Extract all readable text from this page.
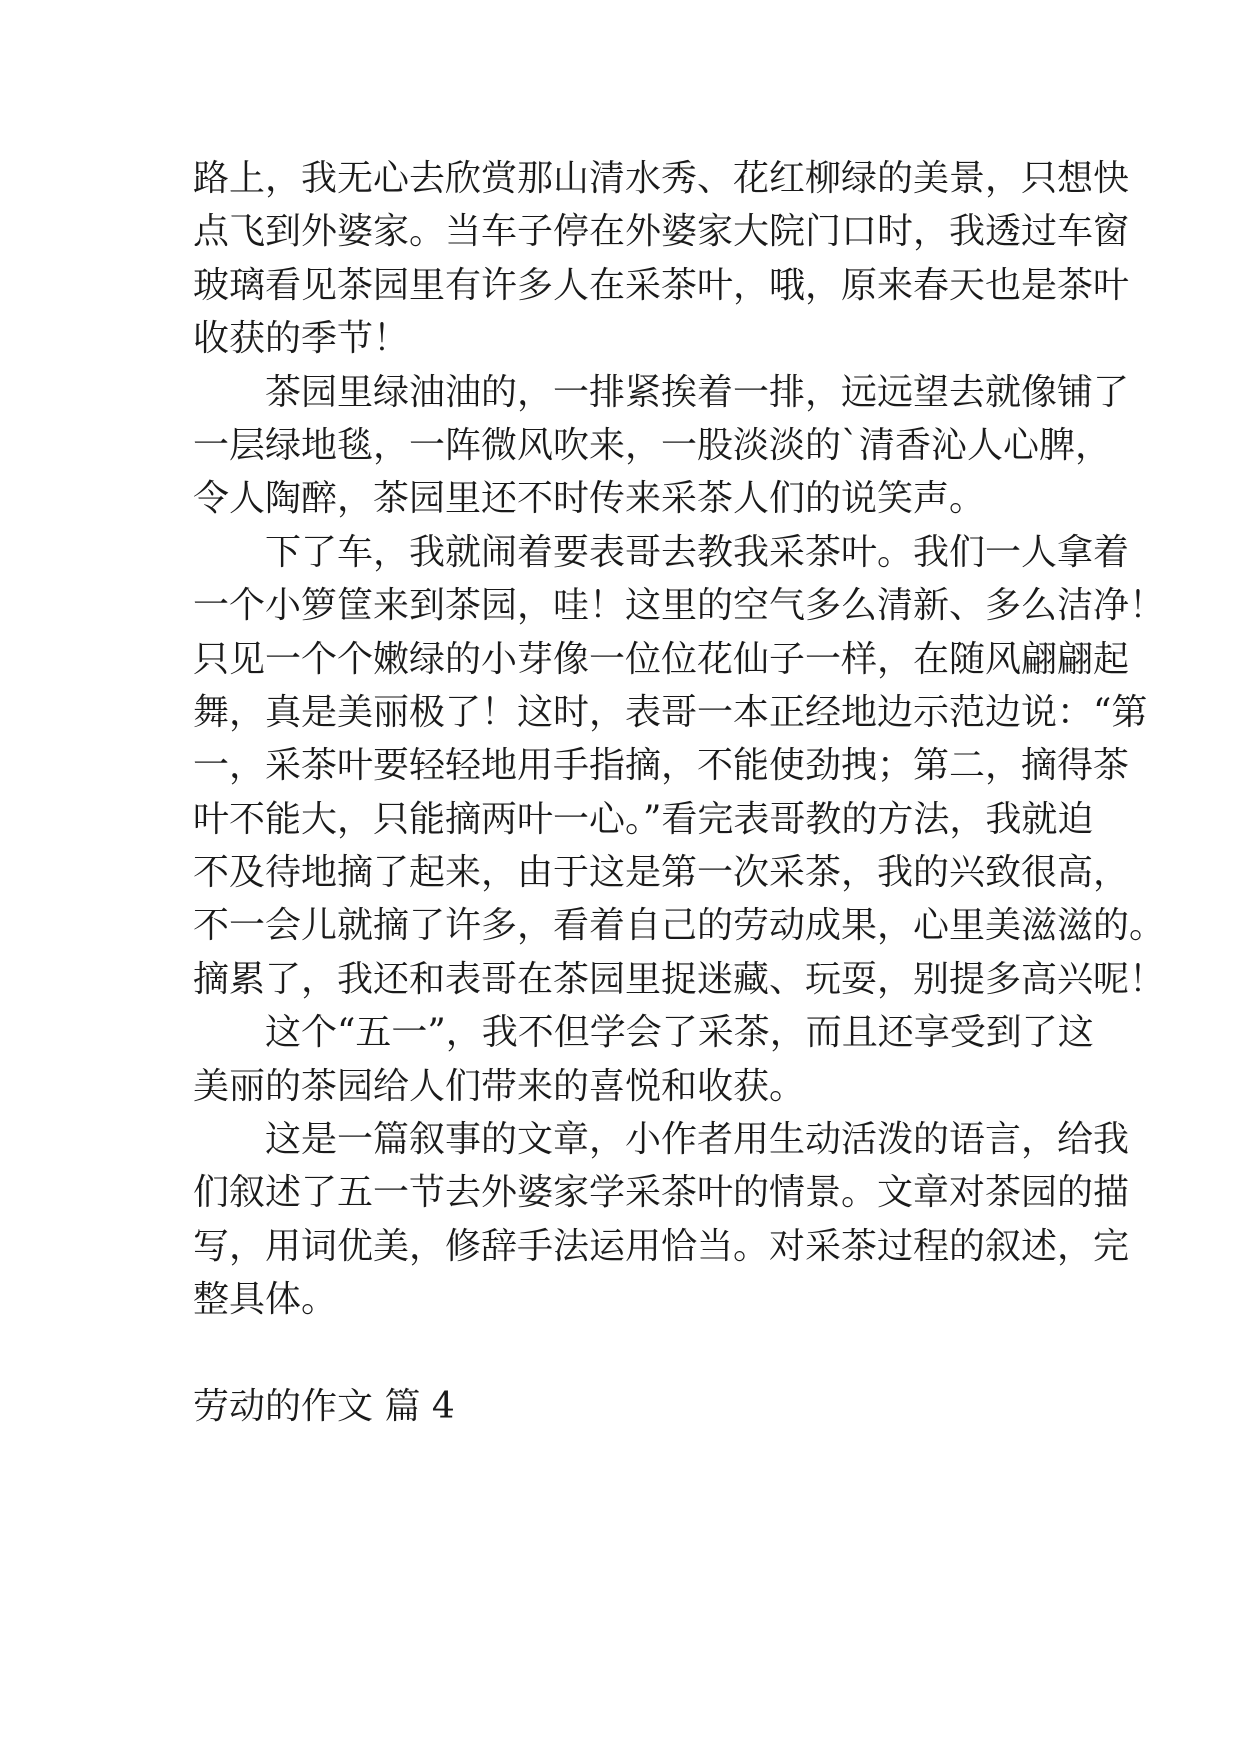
路上，我无心去欣赏那山清水秀、花红柳绿的美景，只想快
点飞到外婆家。当车子停在外婆家大院门口时，我透过车窗
玻璃看见茶园里有许多人在采茶叶，哦，原来春天也是茶叶
收获的季节！
茶园里绿油油的，一排紧挨着一排，远远望去就像铺了
一层绿地毯，一阵微风吹来，一股淡淡的`清香沁人心脾，
令人陶醉，茶园里还不时传来采茶人们的说笑声。
下了车，我就闹着要表哥去教我采茶叶。我们一人拿着
一个小箩筐来到茶园，哇！这里的空气多么清新、多么洁净！
只见一个个嫩绿的小芽像一位位花仙子一样，在随风翩翩起
舞，真是美丽极了！这时，表哥一本正经地边示范边说：“第
一，采茶叶要轻轻地用手指摘，不能使劲拽；第二，摘得茶
叶不能大，只能摘两叶一心。”看完表哥教的方法，我就迫
不及待地摘了起来，由于这是第一次采茶，我的兴致很高，
不一会儿就摘了许多，看着自己的劳动成果，心里美滋滋的。
摘累了，我还和表哥在茶园里捉迷藏、玩耍，别提多高兴呢！
这个“五一”，我不但学会了采茶，而且还享受到了这
美丽的茶园给人们带来的喜悦和收获。
这是一篇叙事的文章，小作者用生动活泼的语言，给我
们叙述了五一节去外婆家学采茶叶的情景。文章对茶园的描
写，用词优美，修辞手法运用恰当。对采茶过程的叙述，完
整具体。
劳动的作文 篇 4
